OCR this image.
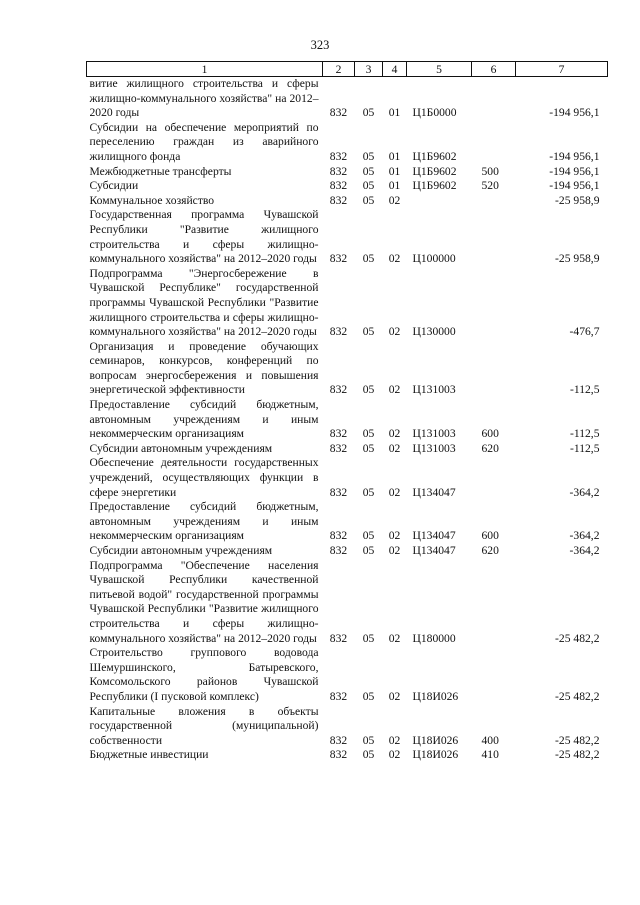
323
1	2	3	4	5	6	7
витие жилищного строительства и сферы жилищно-коммунального хозяйства" на 2012–2020 годы	832	05	01	Ц1Б0000		-194 956,1
Субсидии на обеспечение мероприятий по переселению граждан из аварийного жилищного фонда	832	05	01	Ц1Б9602		-194 956,1
Межбюджетные трансферты	832	05	01	Ц1Б9602	500	-194 956,1
Субсидии	832	05	01	Ц1Б9602	520	-194 956,1
Коммунальное хозяйство	832	05	02			-25 958,9
Государственная программа Чувашской Республики "Развитие жилищного строительства и сферы жилищно-коммунального хозяйства" на 2012–2020 годы	832	05	02	Ц100000		-25 958,9
Подпрограмма "Энергосбережение в Чувашской Республике" государственной программы Чувашской Республики "Развитие жилищного строительства и сферы жилищно-коммунального хозяйства" на 2012–2020 годы	832	05	02	Ц130000		-476,7
Организация и проведение обучающих семинаров, конкурсов, конференций по вопросам энергосбережения и повышения энергетической эффективности	832	05	02	Ц131003		-112,5
Предоставление субсидий бюджетным, автономным учреждениям и иным некоммерческим организациям	832	05	02	Ц131003	600	-112,5
Субсидии автономным учреждениям	832	05	02	Ц131003	620	-112,5
Обеспечение деятельности государственных учреждений, осуществляющих функции в сфере энергетики	832	05	02	Ц134047		-364,2
Предоставление субсидий бюджетным, автономным учреждениям и иным некоммерческим организациям	832	05	02	Ц134047	600	-364,2
Субсидии автономным учреждениям	832	05	02	Ц134047	620	-364,2
Подпрограмма "Обеспечение населения Чувашской Республики качественной питьевой водой" государственной программы Чувашской Республики "Развитие жилищного строительства и сферы жилищно-коммунального хозяйства" на 2012–2020 годы	832	05	02	Ц180000		-25 482,2
Строительство группового водовода Шемуршинского, Батыревского, Комсомольского районов Чувашской Республики (I пусковой комплекс)	832	05	02	Ц18И026		-25 482,2
Капитальные вложения в объекты государственной (муниципальной) собственности	832	05	02	Ц18И026	400	-25 482,2
Бюджетные инвестиции	832	05	02	Ц18И026	410	-25 482,2
